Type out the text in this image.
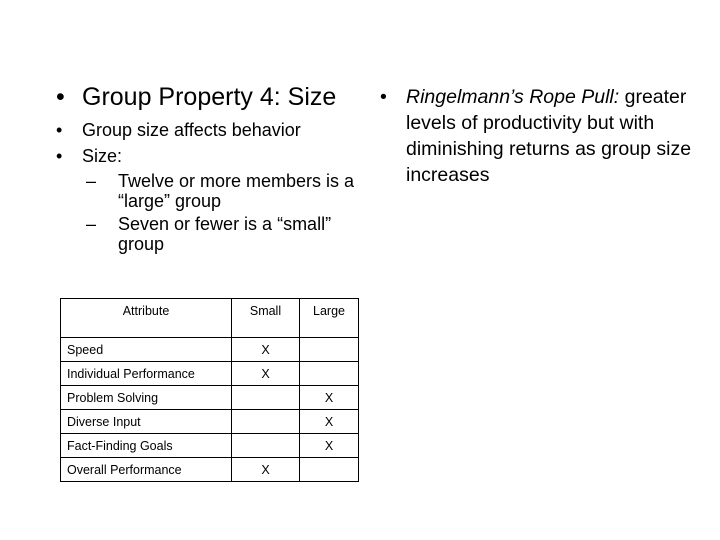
• Group Property 4: Size
• Group size affects behavior
• Size:
– Twelve or more members is a “large” group
– Seven or fewer is a “small” group
• Ringelmann’s Rope Pull: greater levels of productivity but with diminishing returns as group size increases
Attribute	Small	Large
Speed	X	
Individual Performance	X	
Problem Solving		X
Diverse Input		X
Fact-Finding Goals		X
Overall Performance	X	
